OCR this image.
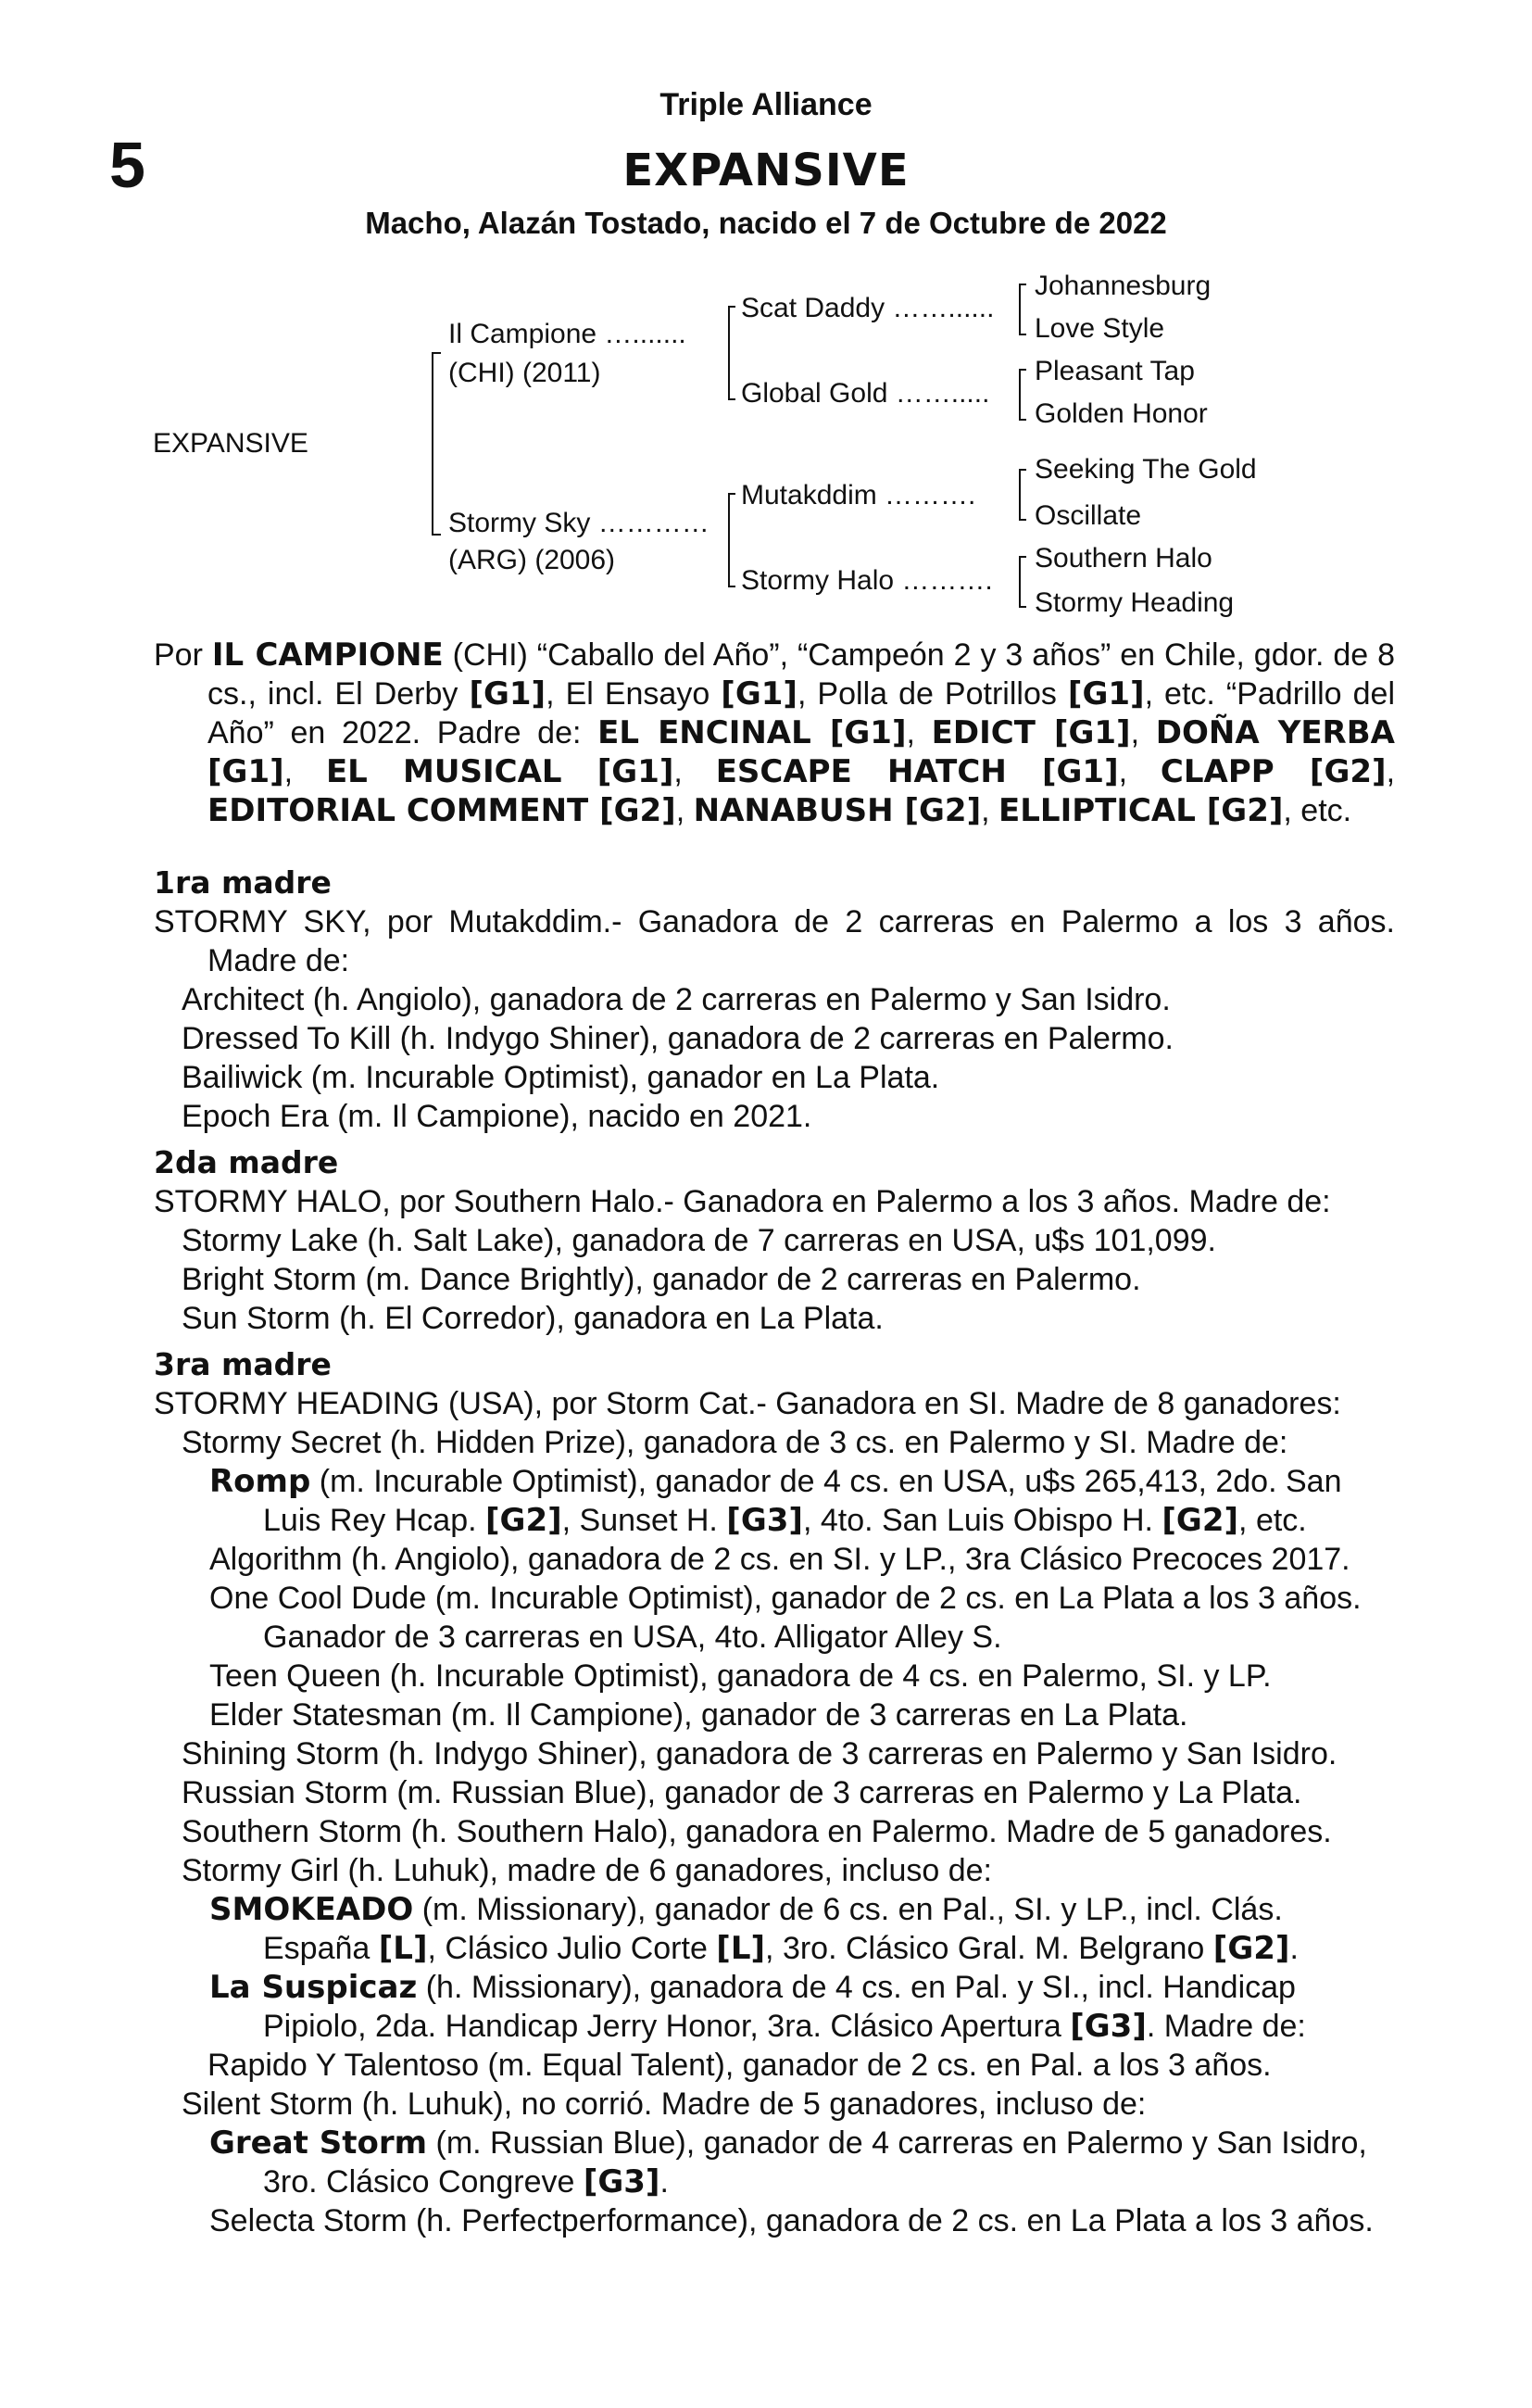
5
Triple Alliance
EXPANSIVE
Macho, Alazán Tostado, nacido el 7 de Octubre de 2022
EXPANSIVE
Il Campione ….......
(CHI) (2011)
Stormy Sky …………
(ARG) (2006)
Scat Daddy ……......
Global Gold …….....
Mutakddim ……….
Stormy Halo ……….
Johannesburg
Love Style
Pleasant Tap
Golden Honor
Seeking The Gold
Oscillate
Southern Halo
Stormy Heading

Por IL CAMPIONE (CHI) “Caballo del Año”, “Campeón 2 y 3 años” en Chile, gdor. de 8 cs., incl. El Derby [G1], El Ensayo [G1], Polla de Potrillos [G1], etc. “Padrillo del Año” en 2022. Padre de: EL ENCINAL [G1], EDICT [G1], DOÑA YERBA [G1], EL MUSICAL [G1], ESCAPE HATCH [G1], CLAPP [G2], EDITORIAL COMMENT [G2], NANABUSH [G2], ELLIPTICAL [G2], etc.

1ra madre

STORMY SKY, por Mutakddim.- Ganadora de 2 carreras en Palermo a los 3 años. Madre de:

Architect (h. Angiolo), ganadora de 2 carreras en Palermo y San Isidro.

Dressed To Kill (h. Indygo Shiner), ganadora de 2 carreras en Palermo.

Bailiwick (m. Incurable Optimist), ganador en La Plata.

Epoch Era (m. Il Campione), nacido en 2021.

2da madre

STORMY HALO, por Southern Halo.- Ganadora en Palermo a los 3 años. Madre de:

Stormy Lake (h. Salt Lake), ganadora de 7 carreras en USA, u$s 101,099.

Bright Storm (m. Dance Brightly), ganador de 2 carreras en Palermo.

Sun Storm (h. El Corredor), ganadora en La Plata.

3ra madre

STORMY HEADING (USA), por Storm Cat.- Ganadora en SI. Madre de 8 ganadores:

Stormy Secret (h. Hidden Prize), ganadora de 3 cs. en Palermo y SI. Madre de:

Romp (m. Incurable Optimist), ganador de 4 cs. en USA, u$s 265,413, 2do. San Luis Rey Hcap. [G2], Sunset H. [G3], 4to. San Luis Obispo H. [G2], etc.

Algorithm (h. Angiolo), ganadora de 2 cs. en SI. y LP., 3ra Clásico Precoces 2017.

One Cool Dude (m. Incurable Optimist), ganador de 2 cs. en La Plata a los 3 años. Ganador de 3 carreras en USA, 4to. Alligator Alley S.

Teen Queen (h. Incurable Optimist), ganadora de 4 cs. en Palermo, SI. y LP.

Elder Statesman (m. Il Campione), ganador de 3 carreras en La Plata.

Shining Storm (h. Indygo Shiner), ganadora de 3 carreras en Palermo y San Isidro.

Russian Storm (m. Russian Blue), ganador de 3 carreras en Palermo y La Plata.

Southern Storm (h. Southern Halo), ganadora en Palermo. Madre de 5 ganadores.

Stormy Girl (h. Luhuk), madre de 6 ganadores, incluso de:

SMOKEADO (m. Missionary), ganador de 6 cs. en Pal., SI. y LP., incl. Clás. España [L], Clásico Julio Corte [L], 3ro. Clásico Gral. M. Belgrano [G2].

La Suspicaz (h. Missionary), ganadora de 4 cs. en Pal. y SI., incl. Handicap Pipiolo, 2da. Handicap Jerry Honor, 3ra. Clásico Apertura [G3]. Madre de:

Rapido Y Talentoso (m. Equal Talent), ganador de 2 cs. en Pal. a los 3 años.

Silent Storm (h. Luhuk), no corrió. Madre de 5 ganadores, incluso de:

Great Storm (m. Russian Blue), ganador de 4 carreras en Palermo y San Isidro, 3ro. Clásico Congreve [G3].

Selecta Storm (h. Perfectperformance), ganadora de 2 cs. en La Plata a los 3 años.
